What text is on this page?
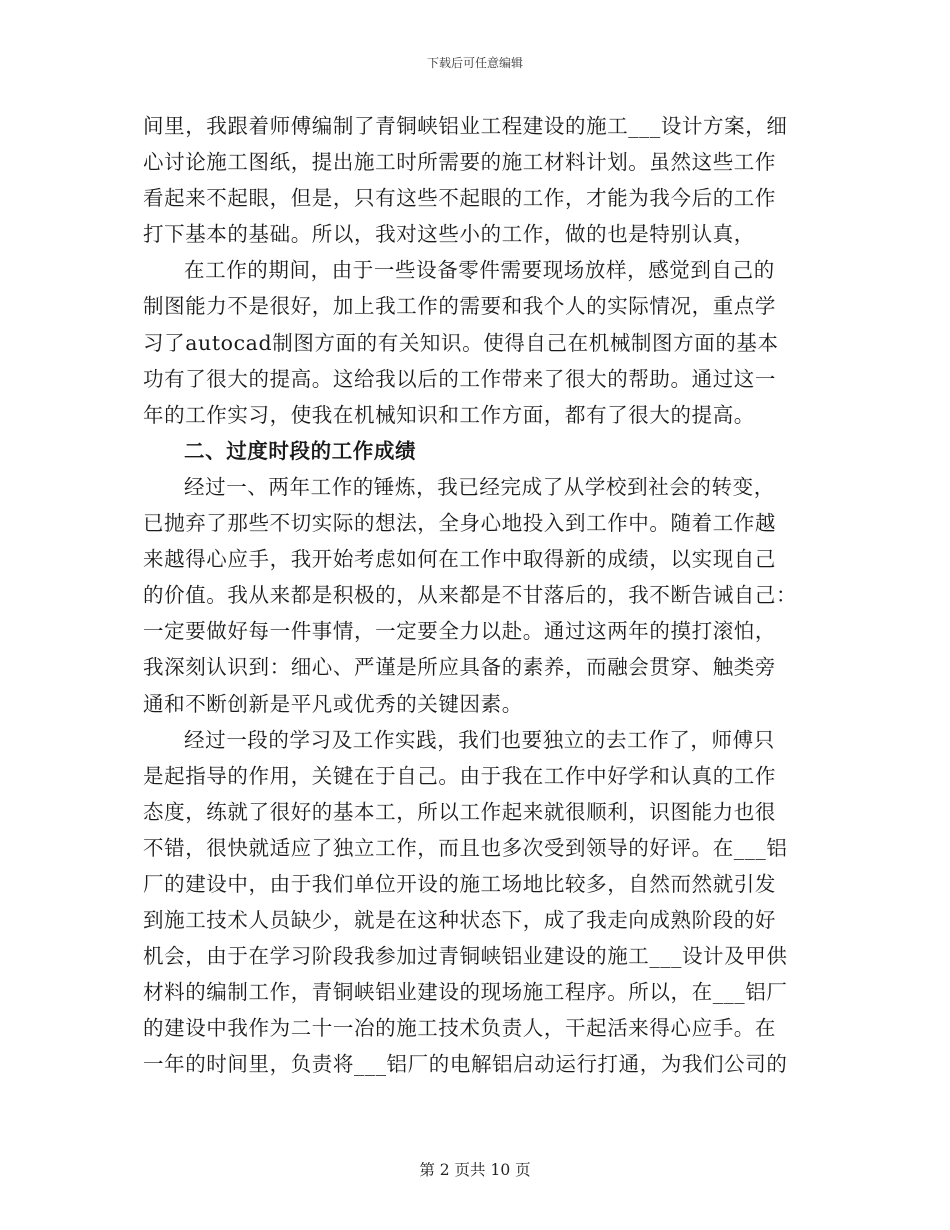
下载后可任意编辑
间里，我跟着师傅编制了青铜峡铝业工程建设的施工___设计方案，细
心讨论施工图纸，提出施工时所需要的施工材料计划。虽然这些工作
看起来不起眼，但是，只有这些不起眼的工作，才能为我今后的工作
打下基本的基础。所以，我对这些小的工作，做的也是特别认真，
在工作的期间，由于一些设备零件需要现场放样，感觉到自己的
制图能力不是很好，加上我工作的需要和我个人的实际情况，重点学
习了autocad制图方面的有关知识。使得自己在机械制图方面的基本
功有了很大的提高。这给我以后的工作带来了很大的帮助。通过这一
年的工作实习，使我在机械知识和工作方面，都有了很大的提高。
二、过度时段的工作成绩
经过一、两年工作的锤炼，我已经完成了从学校到社会的转变，
已抛弃了那些不切实际的想法，全身心地投入到工作中。随着工作越
来越得心应手，我开始考虑如何在工作中取得新的成绩，以实现自己
的价值。我从来都是积极的，从来都是不甘落后的，我不断告诫自己：
一定要做好每一件事情，一定要全力以赴。通过这两年的摸打滚怕，
我深刻认识到：细心、严谨是所应具备的素养，而融会贯穿、触类旁
通和不断创新是平凡或优秀的关键因素。
经过一段的学习及工作实践，我们也要独立的去工作了，师傅只
是起指导的作用，关键在于自己。由于我在工作中好学和认真的工作
态度，练就了很好的基本工，所以工作起来就很顺利，识图能力也很
不错，很快就适应了独立工作，而且也多次受到领导的好评。在___铝
厂的建设中，由于我们单位开设的施工场地比较多，自然而然就引发
到施工技术人员缺少，就是在这种状态下，成了我走向成熟阶段的好
机会，由于在学习阶段我参加过青铜峡铝业建设的施工___设计及甲供
材料的编制工作，青铜峡铝业建设的现场施工程序。所以，在___铝厂
的建设中我作为二十一冶的施工技术负责人，干起活来得心应手。在
一年的时间里，负责将___铝厂的电解铝启动运行打通，为我们公司的
第 2 页共 10 页
